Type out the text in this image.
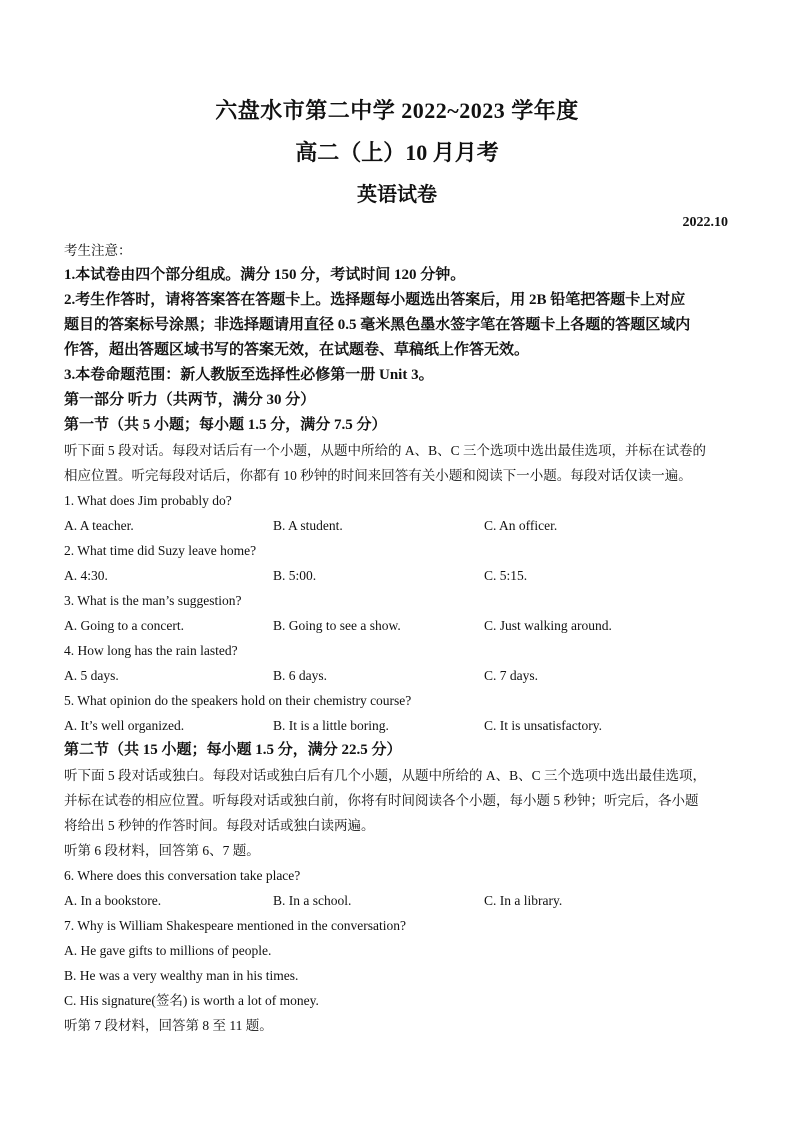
六盘水市第二中学 2022~2023 学年度
高二（上）10 月月考
英语试卷
2022.10
考生注意：
1.本试卷由四个部分组成。满分 150 分，考试时间 120 分钟。
2.考生作答时，请将答案答在答题卡上。选择题每小题选出答案后，用 2B 铅笔把答题卡上对应
题目的答案标号涂黑；非选择题请用直径 0.5 毫米黑色墨水签字笔在答题卡上各题的答题区域内
作答，超出答题区域书写的答案无效，在试题卷、草稿纸上作答无效。
3.本卷命题范围：新人教版至选择性必修第一册 Unit 3。
第一部分 听力（共两节，满分 30 分）
第一节（共 5 小题；每小题 1.5 分，满分 7.5 分）
听下面 5 段对话。每段对话后有一个小题，从题中所给的 A、B、C 三个选项中选出最佳选项，并标在试卷的
相应位置。听完每段对话后，你都有 10 秒钟的时间来回答有关小题和阅读下一小题。每段对话仅读一遍。
1. What does Jim probably do?
A. A teacher.	B. A student.	C. An officer.
2. What time did Suzy leave home?
A. 4:30.	B. 5:00.	C. 5:15.
3. What is the man’s suggestion?
A. Going to a concert.	B. Going to see a show.	C. Just walking around.
4. How long has the rain lasted?
A. 5 days.	B. 6 days.	C. 7 days.
5. What opinion do the speakers hold on their chemistry course?
A. It’s well organized.	B. It is a little boring.	C. It is unsatisfactory.
第二节（共 15 小题；每小题 1.5 分，满分 22.5 分）
听下面 5 段对话或独白。每段对话或独白后有几个小题，从题中所给的 A、B、C 三个选项中选出最佳选项，
并标在试卷的相应位置。听每段对话或独白前，你将有时间阅读各个小题，每小题 5 秒钟；听完后，各小题
将给出 5 秒钟的作答时间。每段对话或独白读两遍。
听第 6 段材料，回答第 6、7 题。
6. Where does this conversation take place?
A. In a bookstore.	B. In a school.	C. In a library.
7. Why is William Shakespeare mentioned in the conversation?
A. He gave gifts to millions of people.
B. He was a very wealthy man in his times.
C. His signature(签名) is worth a lot of money.
听第 7 段材料，回答第 8 至 11 题。
